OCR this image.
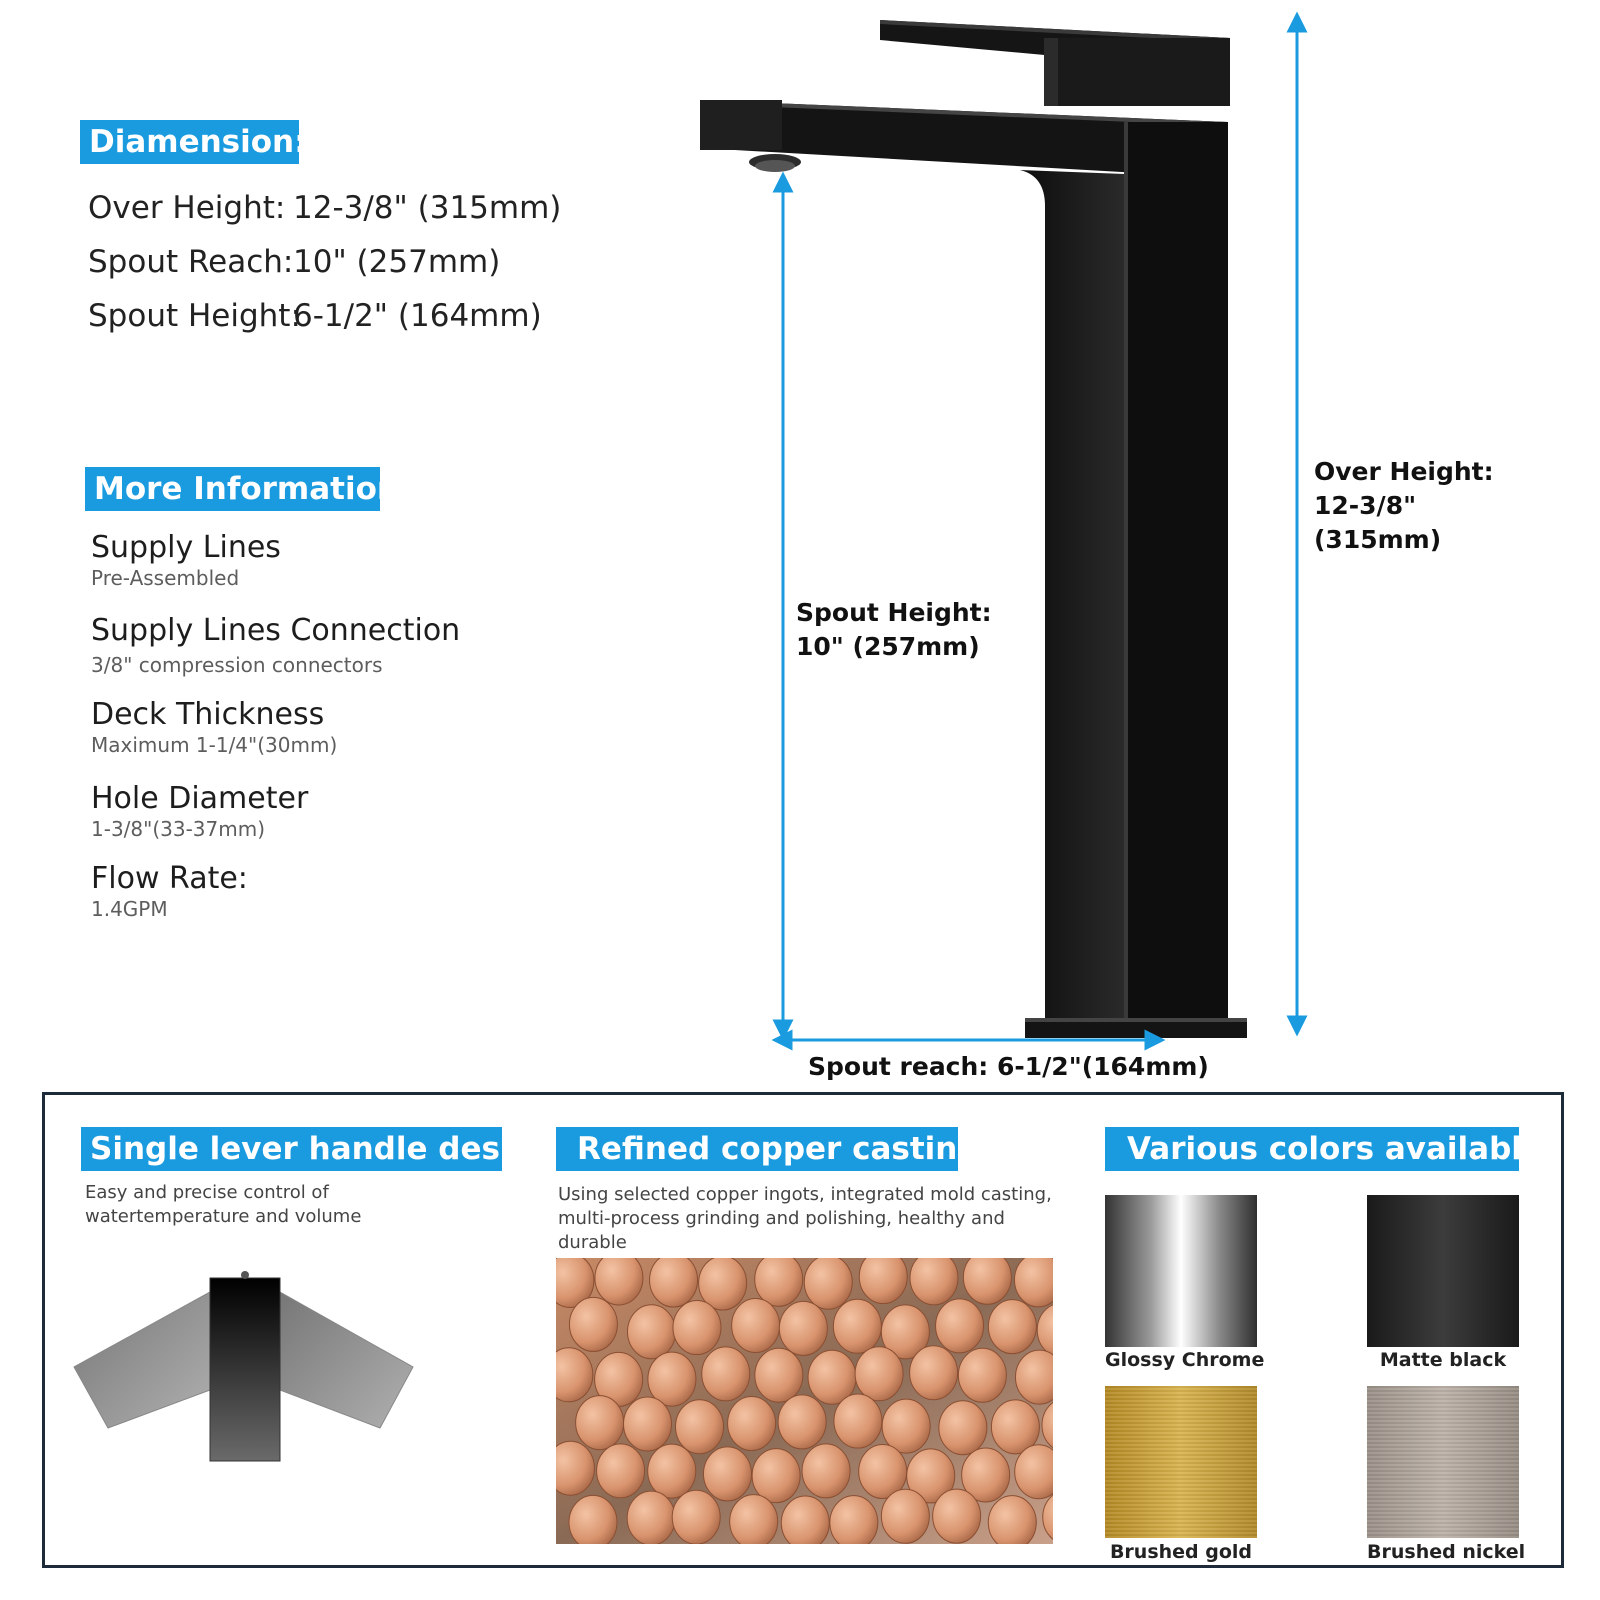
Diamension:
Over Height: 12-3/8" (315mm)
Spout Reach:10" (257mm)
Spout Height:6-1/2" (164mm)
More Information
Supply Lines
Pre-Assembled
Supply Lines Connection
3/8" compression connectors
Deck Thickness
Maximum 1-1/4"(30mm)
Hole Diameter
1-3/8"(33-37mm)
Flow Rate:
1.4GPM
Spout Height:
10" (257mm)
Over Height:
12-3/8"
(315mm)
Spout reach: 6-1/2"(164mm)
Single lever handle design
Easy and precise control of watertemperature and volume
Refined copper casting
Using selected copper ingots, integrated mold casting,
multi-process grinding and polishing, healthy and durable
Various colors available
Glossy Chrome	Matte black
Brushed gold	Brushed nickel
